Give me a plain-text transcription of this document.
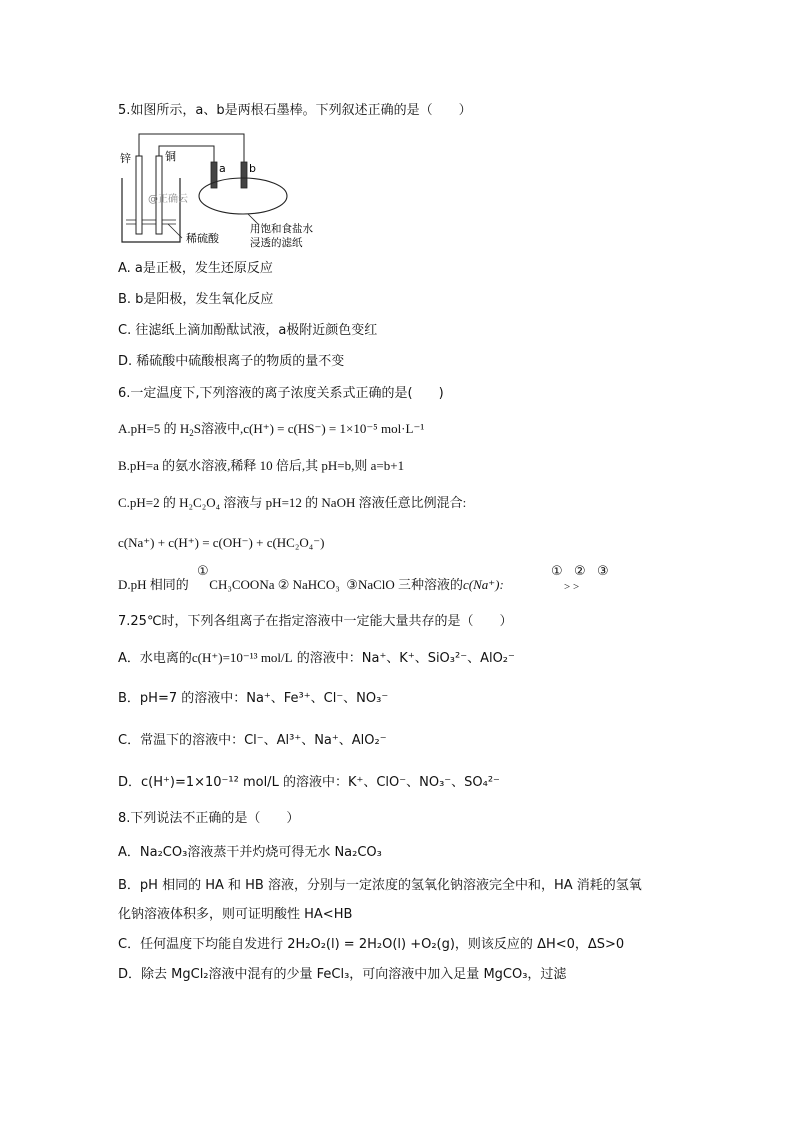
5.如图所示，a、b是两根石墨棒。下列叙述正确的是（　　）
锌	铜
@正确云
稀硫酸
a b
用饱和食盐水
浸透的滤纸
A. a是正极，发生还原反应
B. b是阳极，发生氧化反应
C. 往滤纸上滴加酚酞试液，a极附近颜色变红
D. 稀硫酸中硫酸根离子的物质的量不变
6.一定温度下,下列溶液的离子浓度关系式正确的是(　　)
A.pH=5 的 $H_2S$溶液中,c(H⁺) = c(HS⁻) = 1×10⁻⁵ mol·L⁻¹
B.pH=a 的氨水溶液,稀释 10 倍后,其 pH=b,则 a=b+1
C.pH=2 的 H₂C₂O₄ 溶液与 pH=12 的 NaOH 溶液任意比例混合:
c(Na⁺) + c(H⁺) = c(OH⁻) + c(HC₂O₄⁻)
D.pH 相同的 CH₃COONa ② NaHCO₃ ③NaClO 三种溶液的c(Na⁺):
①	① ② ③
> >
7.25℃时，下列各组离子在指定溶液中一定能大量共存的是（　　）
A．水电离的c(H⁺)=10⁻¹³ mol/L 的溶液中：Na⁺、K⁺、SiO₃²⁻、AlO₂⁻
B．pH=7 的溶液中：Na⁺、Fe³⁺、Cl⁻、NO₃⁻
C．常温下的溶液中：Cl⁻、Al³⁺、Na⁺、AlO₂⁻
D．c(H⁺)=1×10⁻¹² mol/L 的溶液中：K⁺、ClO⁻、NO₃⁻、SO₄²⁻
8.下列说法不正确的是（　　）
A．Na₂CO₃溶液蒸干并灼烧可得无水 Na₂CO₃
B．pH 相同的 HA 和 HB 溶液，分别与一定浓度的氢氧化钠溶液完全中和，HA 消耗的氢氧
化钠溶液体积多，则可证明酸性 HA<HB
C．任何温度下均能自发进行 2H₂O₂(l) = 2H₂O(l) +O₂(g)，则该反应的 ΔH<0，ΔS>0
D．除去 MgCl₂溶液中混有的少量 FeCl₃，可向溶液中加入足量 MgCO₃，过滤
